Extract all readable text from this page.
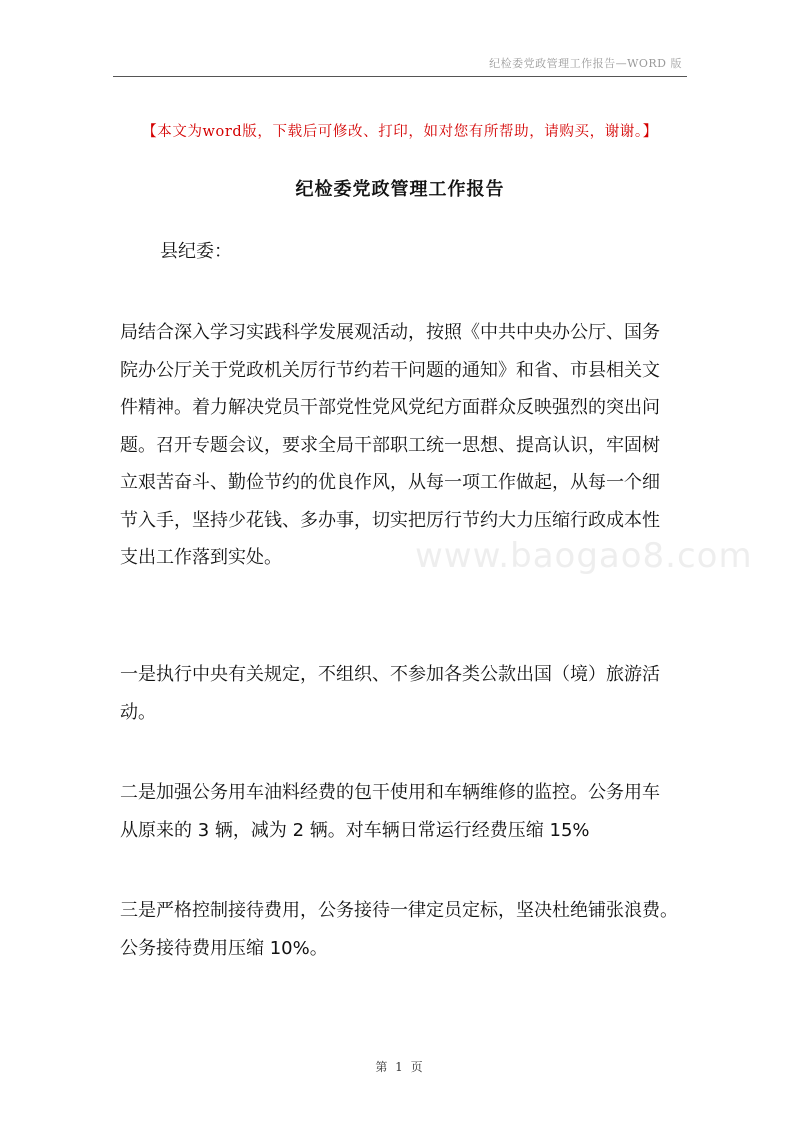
纪检委党政管理工作报告—WORD 版
【本文为word版，下载后可修改、打印，如对您有所帮助，请购买，谢谢。】
纪检委党政管理工作报告
县纪委：
局结合深入学习实践科学发展观活动，按照《中共中央办公厅、国务
院办公厅关于党政机关厉行节约若干问题的通知》和省、市县相关文
件精神。着力解决党员干部党性党风党纪方面群众反映强烈的突出问
题。召开专题会议，要求全局干部职工统一思想、提高认识，牢固树
立艰苦奋斗、勤俭节约的优良作风，从每一项工作做起，从每一个细
节入手，坚持少花钱、多办事，切实把厉行节约大力压缩行政成本性
支出工作落到实处。
一是执行中央有关规定，不组织、不参加各类公款出国（境）旅游活
动。
二是加强公务用车油料经费的包干使用和车辆维修的监控。公务用车
从原来的 3 辆，减为 2 辆。对车辆日常运行经费压缩 15%
三是严格控制接待费用，公务接待一律定员定标，坚决杜绝铺张浪费。
公务接待费用压缩 10%。
www.baogao8.com
第 1 页
